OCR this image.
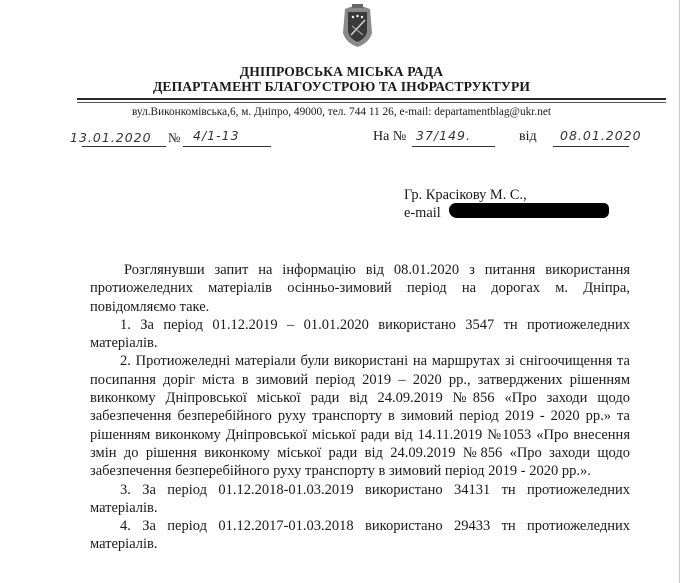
ДНІПРОВСЬКА МІСЬКА РАДА
ДЕПАРТАМЕНТ БЛАГОУСТРОЮ ТА ІНФРАСТРУКТУРИ
вул.Виконкомівська,6, м. Дніпро, 49000, тел. 744 11 26, e-mail: departamentblag@ukr.net
13.01.2020 № 4/1-13	На № 37/149.	від 08.01.2020
Гр. Красікову М. С.,
e-mail

Розглянувши запит на інформацію від 08.01.2020 з питання використання протиожеледних матеріалів осінньо-зимовий період на дорогах м. Дніпра, повідомляємо таке.

1. За період 01.12.2019 – 01.01.2020 використано 3547 тн протиожеледних матеріалів.

2. Протиожеледні матеріали були використані на маршрутах зі снігоочищення та посипання доріг міста в зимовий період 2019 – 2020 рр., затверджених рішенням виконкому Дніпровської міської ради від 24.09.2019 №856 «Про заходи щодо забезпечення безперебійного руху транспорту в зимовий період 2019 - 2020 рр.» та рішенням виконкому Дніпровської міської ради від 14.11.2019 №1053 «Про внесення змін до рішення виконкому міської ради від 24.09.2019 №856 «Про заходи щодо забезпечення безперебійного руху транспорту в зимовий період 2019 - 2020 рр.».

3. За період 01.12.2018-01.03.2019 використано 34131 тн протиожеледних матеріалів.

4. За період 01.12.2017-01.03.2018 використано 29433 тн протиожеледних матеріалів.
